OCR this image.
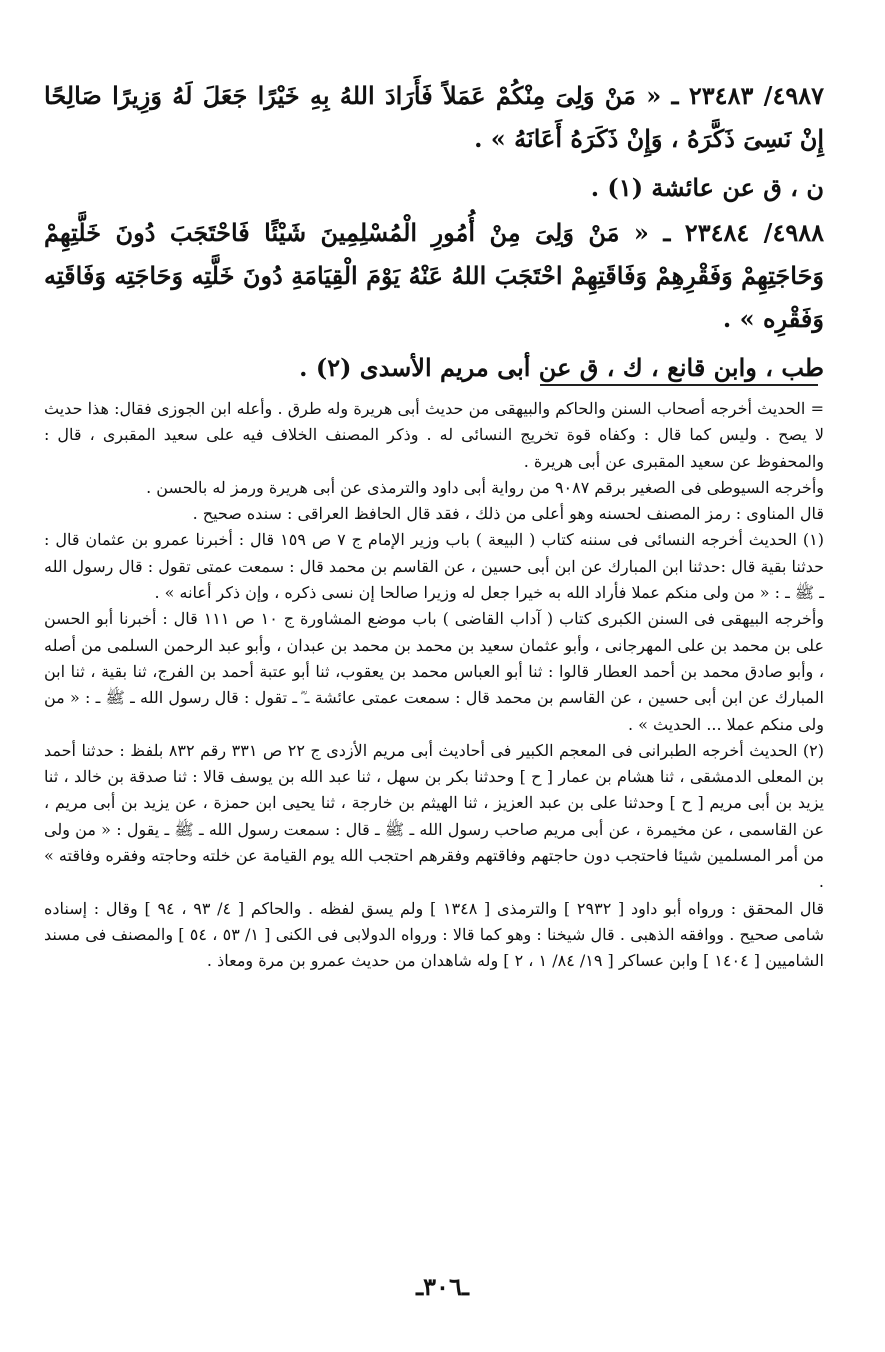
٤٩٨٧/ ٢٣٤٨٣ ـ « مَنْ وَلِىَ مِنْكُمْ عَمَلاً فَأَرَادَ اللهُ بِهِ خَيْرًا جَعَلَ لَهُ وَزِيرًا صَالِحًا إِنْ نَسِىَ ذَكَّرَهُ ، وَإِنْ ذَكَرَهُ أَعَانَهُ » .

ن ، ق عن عائشة (١) .

٤٩٨٨/ ٢٣٤٨٤ ـ « مَنْ وَلِىَ مِنْ أُمُورِ الْمُسْلِمِينَ شَيْئًا فَاحْتَجَبَ دُونَ خَلَّتِهِمْ وَحَاجَتِهِمْ وَفَقْرِهِمْ وَفَاقَتِهِمْ احْتَجَبَ اللهُ عَنْهُ يَوْمَ الْقِيَامَةِ دُونَ خَلَّتِه وَحَاجَتِه وَفَاقَتِه وَفَقْرِه » .

طب ، وابن قانع ، ك ، ق عن أبى مريم الأسدى (٢) .

= الحديث أخرجه أصحاب السنن والحاكم والبيهقى من حديث أبى هريرة وله طرق . وأعله ابن الجوزى فقال: هذا حديث لا يصح . وليس كما قال : وكفاه قوة تخريج النسائى له . وذكر المصنف الخلاف فيه على سعيد المقبرى ، قال : والمحفوظ عن سعيد المقبرى عن أبى هريرة .

وأخرجه السيوطى فى الصغير برقم ٩٠٨٧ من رواية أبى داود والترمذى عن أبى هريرة ورمز له بالحسن .

قال المناوى : رمز المصنف لحسنه وهو أعلى من ذلك ، فقد قال الحافظ العراقى : سنده صحيح .

(١) الحديث أخرجه النسائى فى سننه كتاب ( البيعة ) باب وزير الإمام ج ٧ ص ١٥٩ قال : أخبرنا عمرو بن عثمان قال : حدثنا بقية قال :حدثنا ابن المبارك عن ابن أبى حسين ، عن القاسم بن محمد قال : سمعت عمتى تقول : قال رسول الله ـ ﷺ ـ : « من ولى منكم عملا فأراد الله به خيرا جعل له وزيرا صالحا إن نسى ذكره ، وإن ذكر أعانه » .

وأخرجه البيهقى فى السنن الكبرى كتاب ( آداب القاضى ) باب موضع المشاورة ج ١٠ ص ١١١ قال : أخبرنا أبو الحسن على بن محمد بن على المهرجانى ، وأبو عثمان سعيد بن محمد بن محمد بن عبدان ، وأبو عبد الرحمن السلمى من أصله ، وأبو صادق محمد بن أحمد العطار قالوا : ثنا أبو العباس محمد بن يعقوب، ثنا أبو عتبة أحمد بن الفرج، ثنا بقية ، ثنا ابن المبارك عن ابن أبى حسين ، عن القاسم بن محمد قال : سمعت عمتى عائشة ـ ؓ ـ تقول : قال رسول الله ـ ﷺ ـ : « من ولى منكم عملا ... الحديث » .

(٢) الحديث أخرجه الطبرانى فى المعجم الكبير فى أحاديث أبى مريم الأزدى ج ٢٢ ص ٣٣١ رقم ٨٣٢ بلفظ : حدثنا أحمد بن المعلى الدمشقى ، ثنا هشام بن عمار [ ح ] وحدثنا بكر بن سهل ، ثنا عبد الله بن يوسف قالا : ثنا صدقة بن خالد ، ثنا يزيد بن أبى مريم [ ح ] وحدثنا على بن عبد العزيز ، ثنا الهيثم بن خارجة ، ثنا يحيى ابن حمزة ، عن يزيد بن أبى مريم ، عن القاسمى ، عن مخيمرة ، عن أبى مريم صاحب رسول الله ـ ﷺ ـ قال : سمعت رسول الله ـ ﷺ ـ يقول : « من ولى من أمر المسلمين شيئا فاحتجب دون حاجتهم وفاقتهم وفقرهم احتجب الله يوم القيامة عن خلته وحاجته وفقره وفاقته » .

قال المحقق : ورواه أبو داود [ ٢٩٣٢ ] والترمذى [ ١٣٤٨ ] ولم يسق لفظه . والحاكم [ ٤/ ٩٣ ، ٩٤ ] وقال : إسناده شامى صحيح . ووافقه الذهبى . قال شيخنا : وهو كما قالا : ورواه الدولابى فى الكنى [ ١/ ٥٣ ، ٥٤ ] والمصنف فى مسند الشاميين [ ١٤٠٤ ] وابن عساكر [ ١٩/ ٨٤/ ١ ، ٢ ] وله شاهدان من حديث عمرو بن مرة ومعاذ .

ـ٣٠٦ـ
